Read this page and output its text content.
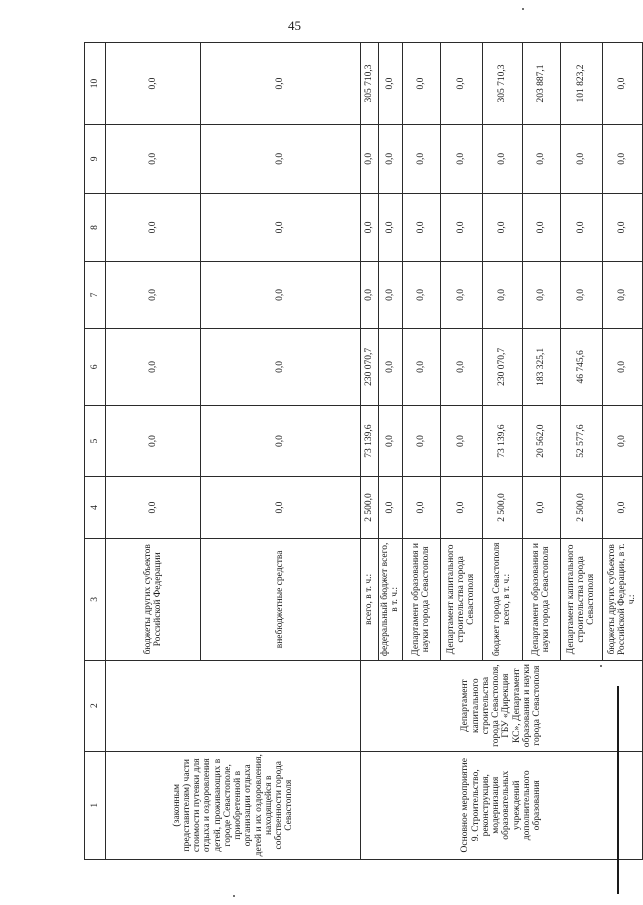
45
1	2	3	4	5	6	7	8	9	10
(законным представителям) части стоимости путевки для отдыха и оздоровления детей, проживающих в городе Севастополе, приобретенной в организации отдыха детей и их оздоровления, находящейся в собственности города Севастополя		бюджеты других субъектов Российской Федерации	0,0	0,0	0,0	0,0	0,0	0,0	0,0
		внебюджетные средства	0,0	0,0	0,0	0,0	0,0	0,0	0,0
Основное мероприятие 9. Строительство, реконструкция, модернизация образовательных учреждений дополнительного образования	Департамент капитального строительства города Севастополя, ГБУ «Дирекция КС», Департамент образования и науки города Севастополя	всего, в т. ч.:	2 500,0	73 139,6	230 070,7	0,0	0,0	0,0	305 710,3
		федеральный бюджет всего, в т. ч.:	0,0	0,0	0,0	0,0	0,0	0,0	0,0
		Департамент образования и науки города Севастополя	0,0	0,0	0,0	0,0	0,0	0,0	0,0
		Департамент капитального строительства города Севастополя	0,0	0,0	0,0	0,0	0,0	0,0	0,0
		бюджет города Севастополя всего, в т. ч.:	2 500,0	73 139,6	230 070,7	0,0	0,0	0,0	305 710,3
		Департамент образования и науки города Севастополя	0,0	20 562,0	183 325,1	0,0	0,0	0,0	203 887,1
		Департамент капитального строительства города Севастополя	2 500,0	52 577,6	46 745,6	0,0	0,0	0,0	101 823,2
		бюджеты других субъектов Российской Федерации, в т. ч.:	0,0	0,0	0,0	0,0	0,0	0,0	0,0
